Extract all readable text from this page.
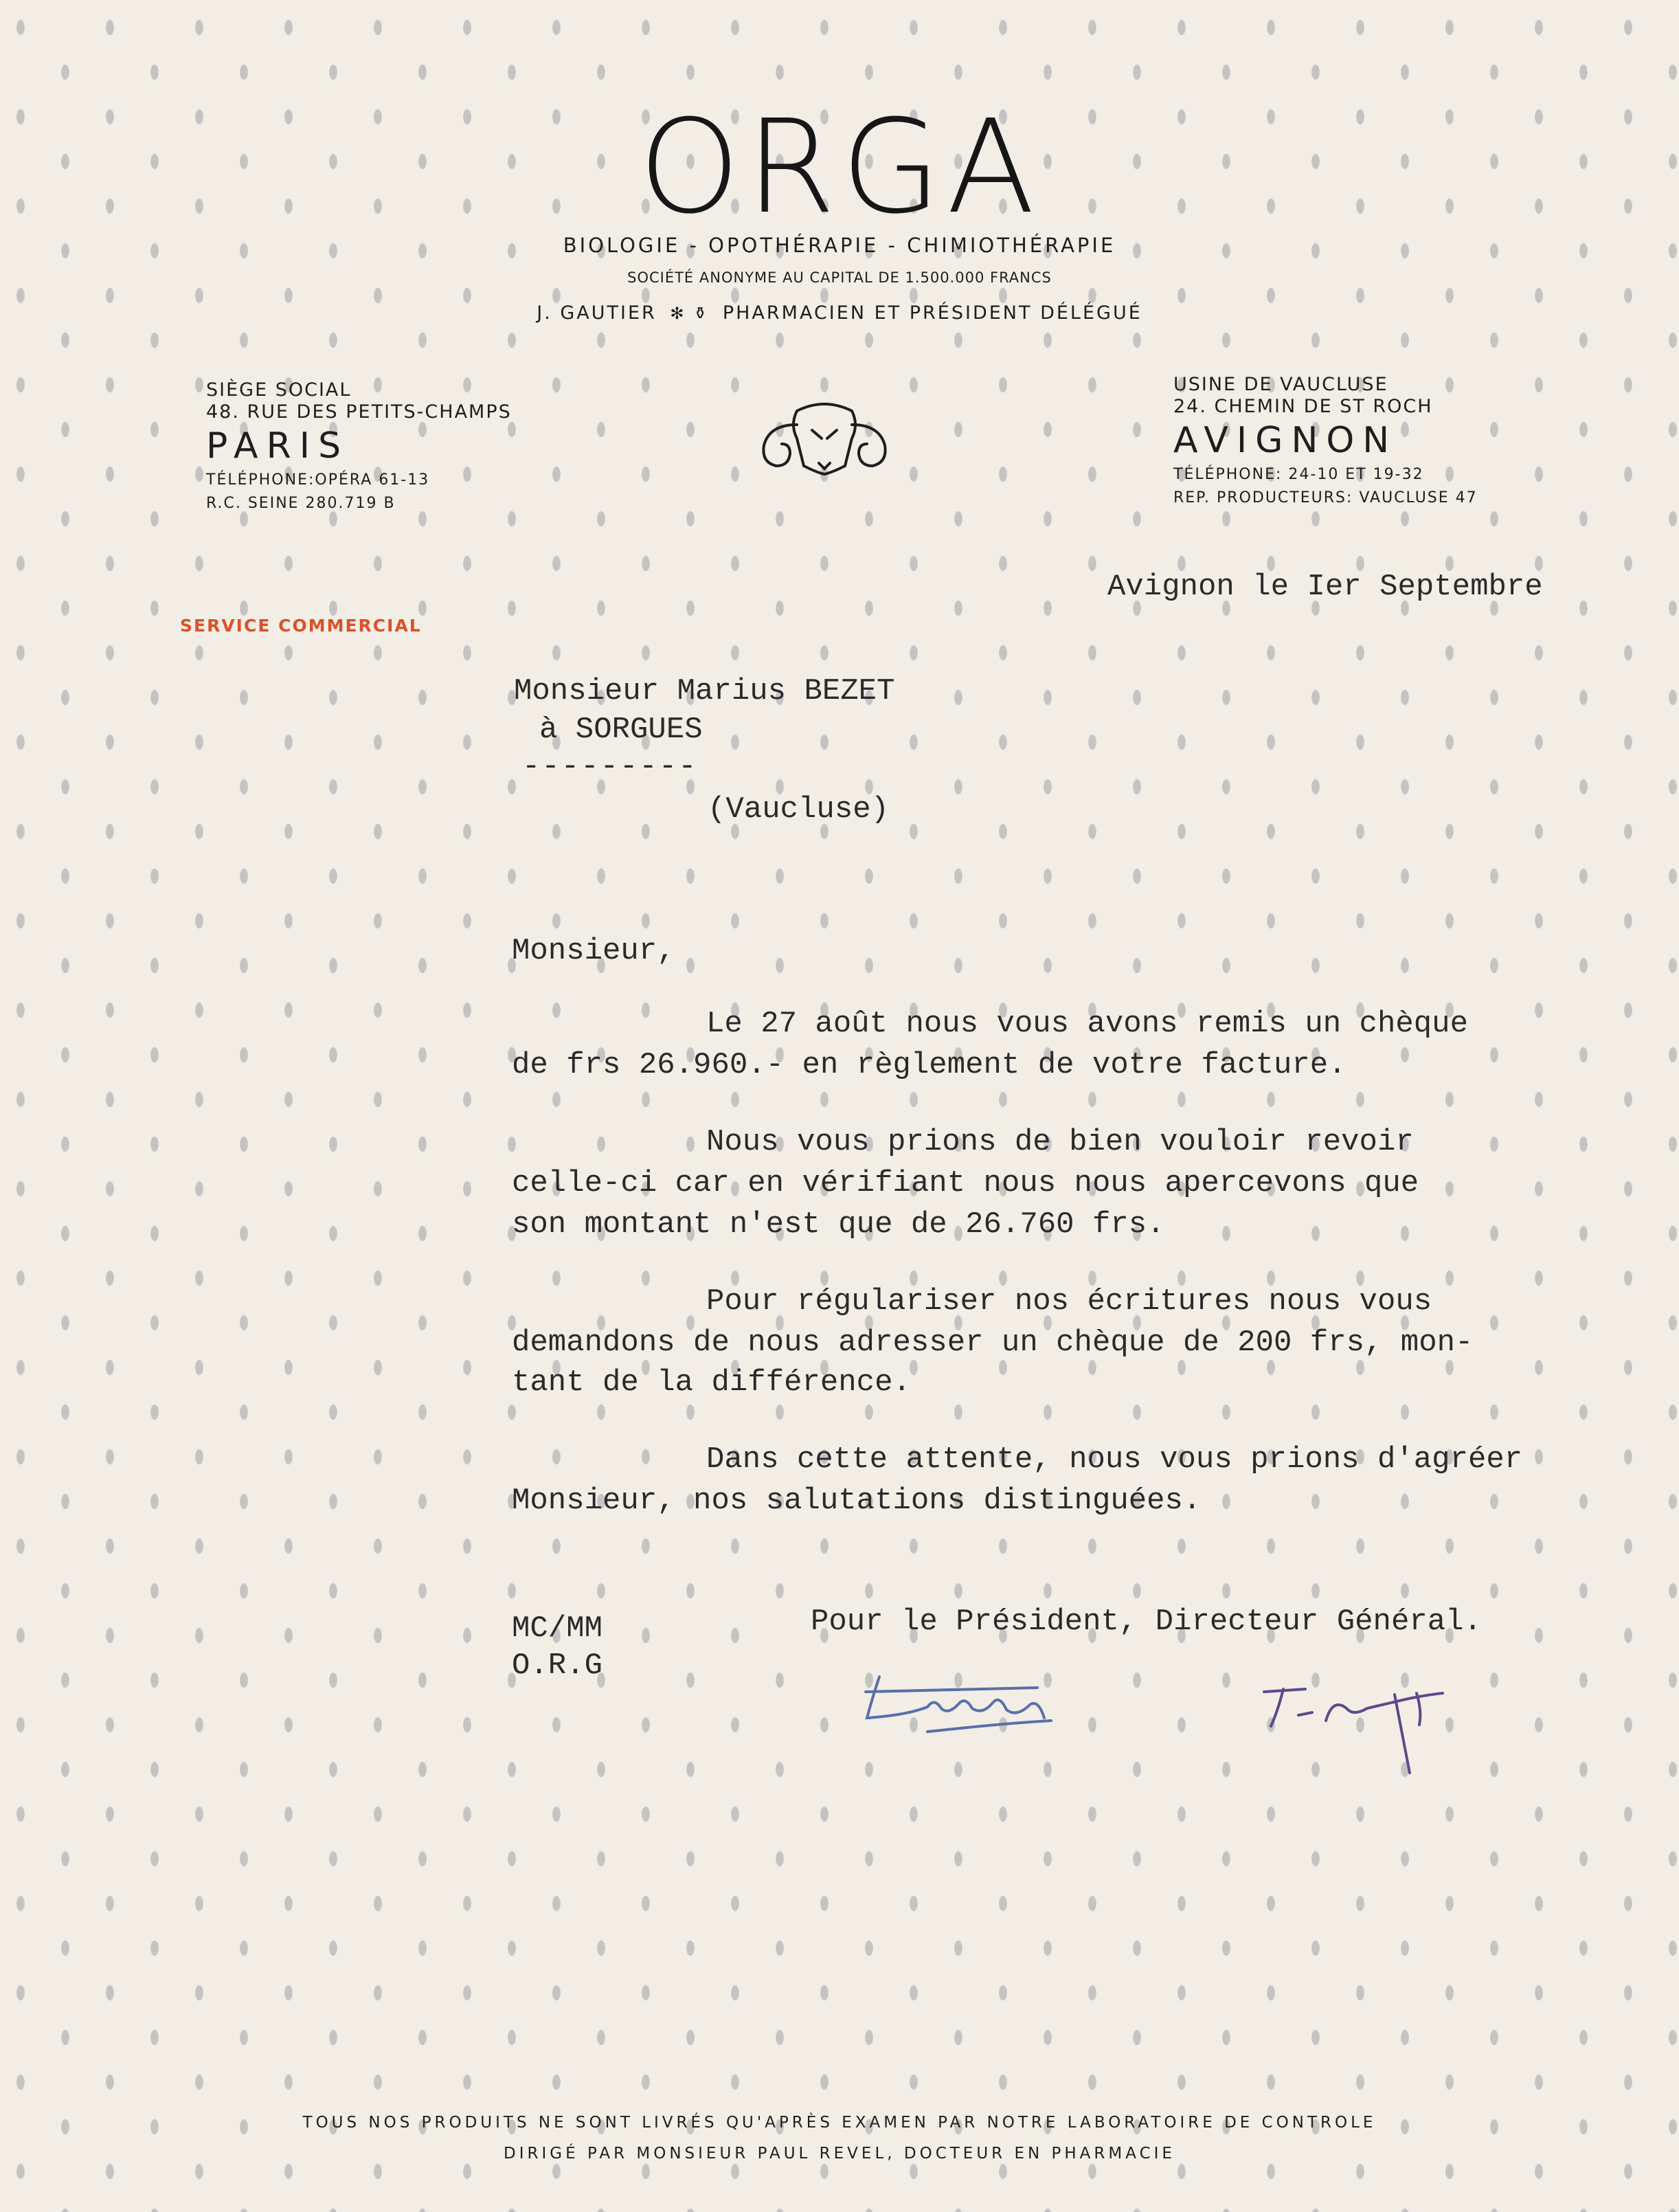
ORGA
BIOLOGIE - OPOTHÉRAPIE - CHIMIOTHÉRAPIE
SOCIÉTÉ ANONYME AU CAPITAL DE 1.500.000 FRANCS
J. GAUTIER ✻ ⚱ PHARMACIEN ET PRÉSIDENT DÉLÉGUÉ
SIÈGE SOCIAL
48. RUE DES PETITS-CHAMPS
PARIS
TÉLÉPHONE:OPÉRA 61-13
R.C. SEINE 280.719 B
USINE DE VAUCLUSE
24. CHEMIN DE ST ROCH
AVIGNON
TÉLÉPHONE: 24-10 ET 19-32
REP. PRODUCTEURS: VAUCLUSE 47
SERVICE COMMERCIAL
Avignon le Ier Septembre
Monsieur Marius BEZET
à SORGUES
---------
(Vaucluse)
Monsieur,
Le 27 août nous vous avons remis un chèque
de frs 26.960.- en règlement de votre facture.
Nous vous prions de bien vouloir revoir
celle-ci car en vérifiant nous nous apercevons que
son montant n'est que de 26.760 frs.
Pour régulariser nos écritures nous vous
demandons de nous adresser un chèque de 200 frs, mon-
tant de la différence.
Dans cette attente, nous vous prions d'agréer
Monsieur, nos salutations distinguées.
MC/MM
O.R.G
Pour le Président, Directeur Général.
TOUS NOS PRODUITS NE SONT LIVRÉS QU'APRÈS EXAMEN PAR NOTRE LABORATOIRE DE CONTROLE
DIRIGÉ PAR MONSIEUR PAUL REVEL, DOCTEUR EN PHARMACIE
